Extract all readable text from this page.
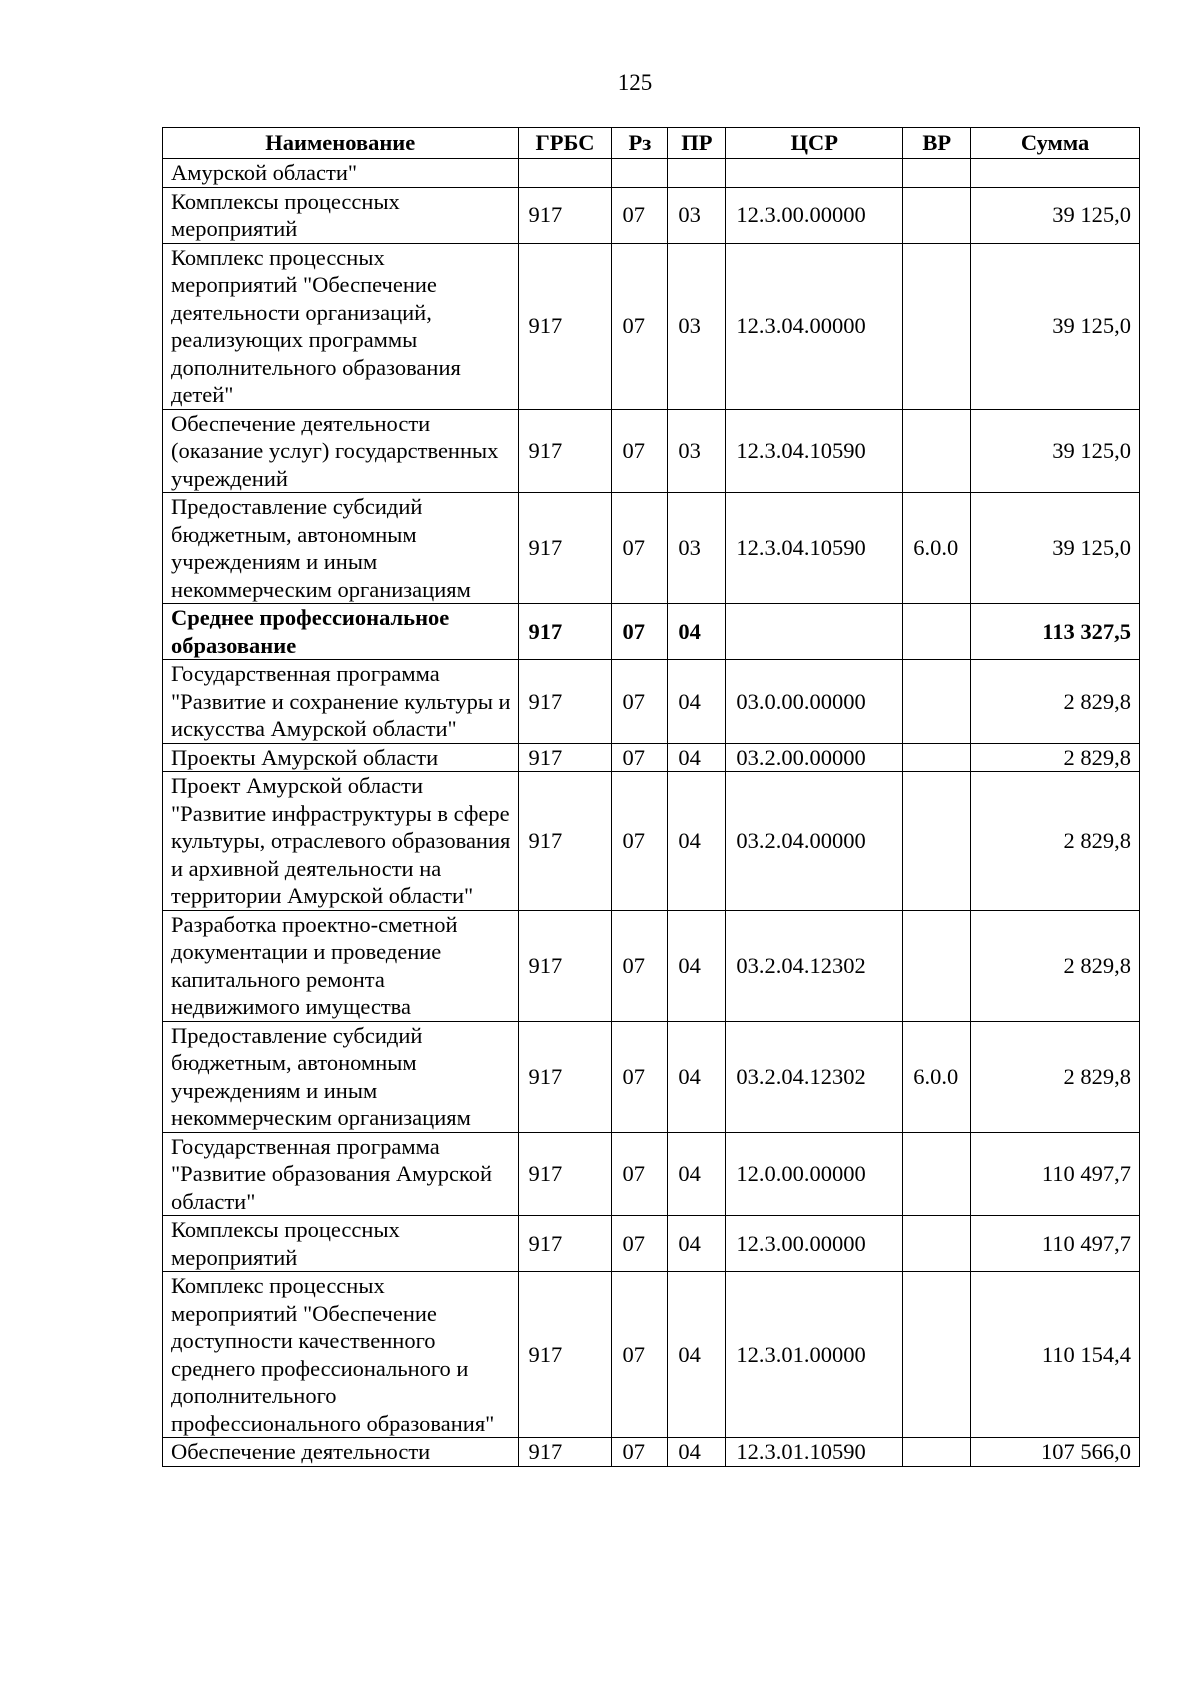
125
Наименование	ГРБС	Рз	ПР	ЦСР	ВР	Сумма
Амурской области"						
Комплексы процессных мероприятий	917	07	03	12.3.00.00000		39 125,0
Комплекс процессных мероприятий "Обеспечение деятельности организаций, реализующих программы дополнительного образования детей"	917	07	03	12.3.04.00000		39 125,0
Обеспечение деятельности (оказание услуг) государственных учреждений	917	07	03	12.3.04.10590		39 125,0
Предоставление субсидий бюджетным, автономным учреждениям и иным некоммерческим организациям	917	07	03	12.3.04.10590	6.0.0	39 125,0
Среднее профессиональное образование	917	07	04			113 327,5
Государственная программа "Развитие и сохранение культуры и искусства Амурской области"	917	07	04	03.0.00.00000		2 829,8
Проекты Амурской области	917	07	04	03.2.00.00000		2 829,8
Проект Амурской области "Развитие инфраструктуры в сфере культуры, отраслевого образования и архивной деятельности на территории Амурской области"	917	07	04	03.2.04.00000		2 829,8
Разработка проектно-сметной документации и проведение капитального ремонта недвижимого имущества	917	07	04	03.2.04.12302		2 829,8
Предоставление субсидий бюджетным, автономным учреждениям и иным некоммерческим организациям	917	07	04	03.2.04.12302	6.0.0	2 829,8
Государственная программа "Развитие образования Амурской области"	917	07	04	12.0.00.00000		110 497,7
Комплексы процессных мероприятий	917	07	04	12.3.00.00000		110 497,7
Комплекс процессных мероприятий "Обеспечение доступности качественного среднего профессионального и дополнительного профессионального образования"	917	07	04	12.3.01.00000		110 154,4
Обеспечение деятельности	917	07	04	12.3.01.10590		107 566,0
